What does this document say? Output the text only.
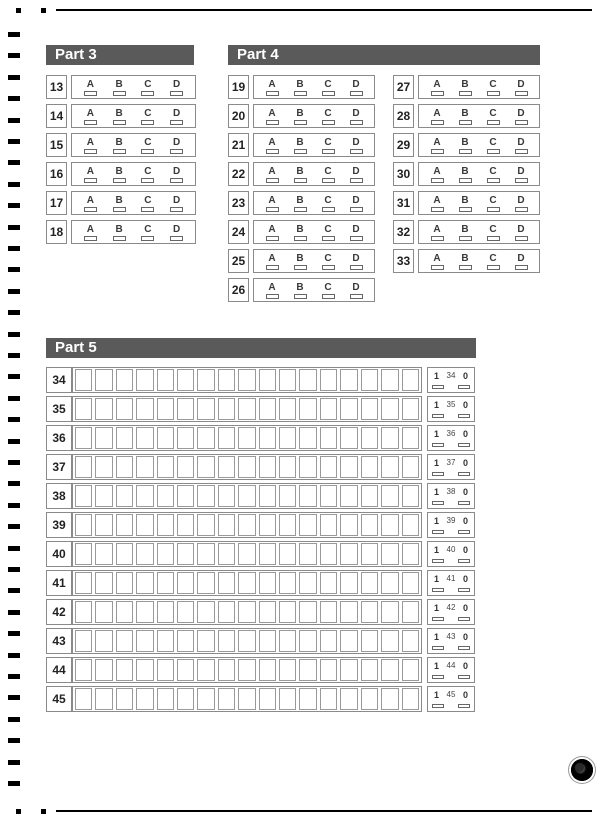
Part 3	Part 4
Part 5
13	A B C D
14	A B C D
15	A B C D
16	A B C D
17	A B C D
18	A B C D
19	A B C D
20	A B C D
21	A B C D
22	A B C D
23	A B C D
24	A B C D
25	A B C D
26	A B C D
27	A B C D
28	A B C D
29	A B C D
30	A B C D
31	A B C D
32	A B C D
33	A B C D
34	1 34 0
35	1 35 0
36	1 36 0
37	1 37 0
38	1 38 0
39	1 39 0
40	1 40 0
41	1 41 0
42	1 42 0
43	1 43 0
44	1 44 0
45	1 45 0
